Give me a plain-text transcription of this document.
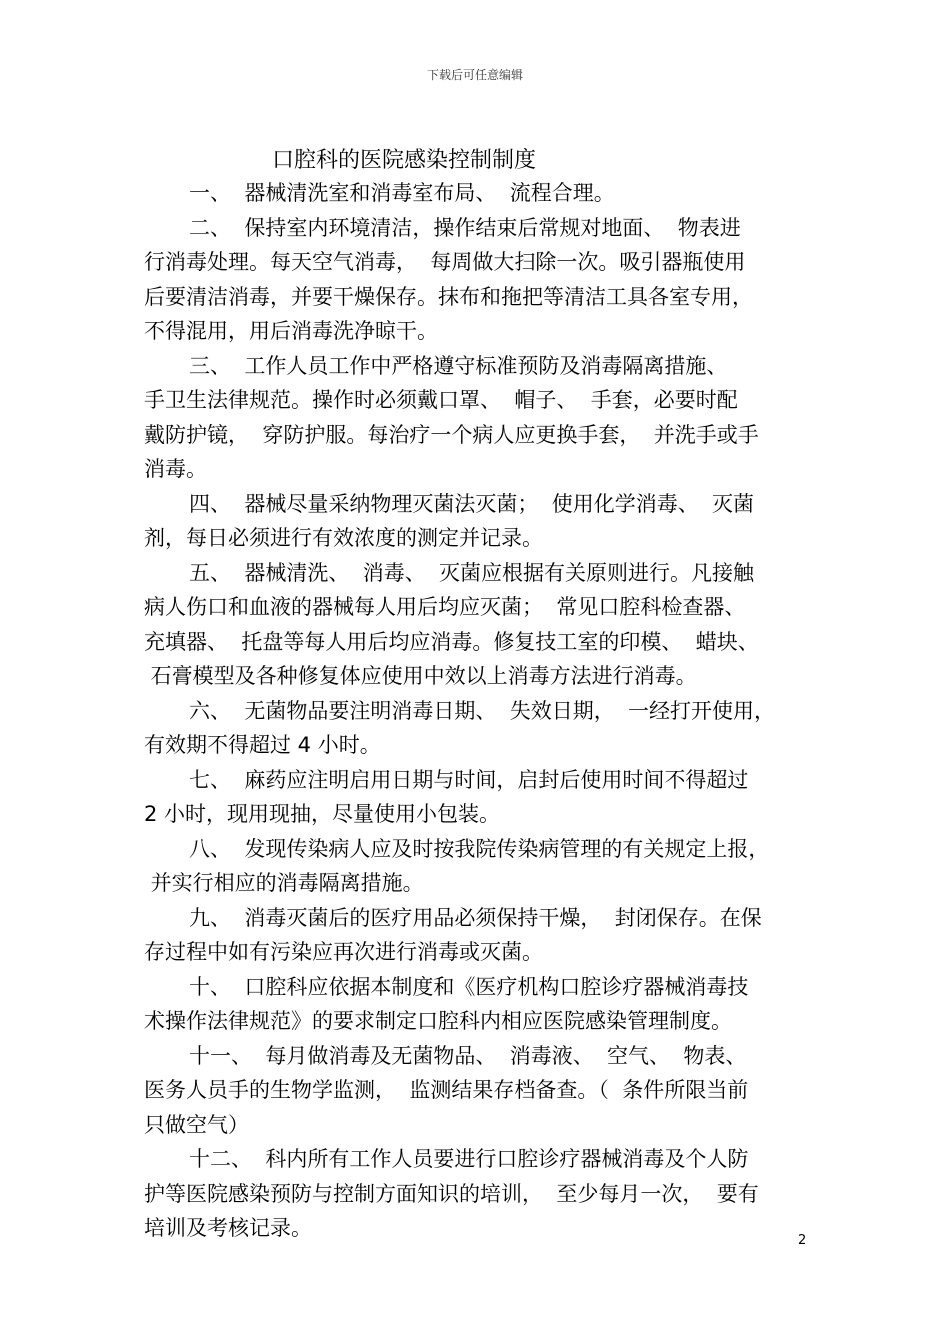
下载后可任意编辑
口腔科的医院感染控制制度
一、  器械清洗室和消毒室布局、  流程合理。
二、  保持室内环境清洁，操作结束后常规对地面、  物表进
行消毒处理。每天空气消毒，  每周做大扫除一次。吸引器瓶使用
后要清洁消毒，并要干燥保存。抹布和拖把等清洁工具各室专用，
不得混用，用后消毒洗净晾干。
三、  工作人员工作中严格遵守标准预防及消毒隔离措施、
手卫生法律规范。操作时必须戴口罩、  帽子、  手套，必要时配
戴防护镜，  穿防护服。每治疗一个病人应更换手套，  并洗手或手
消毒。
四、  器械尽量采纳物理灭菌法灭菌；  使用化学消毒、  灭菌
剂，每日必须进行有效浓度的测定并记录。
五、  器械清洗、  消毒、  灭菌应根据有关原则进行。凡接触
病人伤口和血液的器械每人用后均应灭菌；  常见口腔科检查器、
充填器、  托盘等每人用后均应消毒。修复技工室的印模、  蜡块、
石膏模型及各种修复体应使用中效以上消毒方法进行消毒。
六、  无菌物品要注明消毒日期、  失效日期，  一经打开使用，
有效期不得超过 4 小时。
七、  麻药应注明启用日期与时间，启封后使用时间不得超过
2 小时，现用现抽，尽量使用小包装。
八、  发现传染病人应及时按我院传染病管理的有关规定上报，
并实行相应的消毒隔离措施。
九、  消毒灭菌后的医疗用品必须保持干燥，  封闭保存。在保
存过程中如有污染应再次进行消毒或灭菌。
十、  口腔科应依据本制度和《医疗机构口腔诊疗器械消毒技
术操作法律规范》的要求制定口腔科内相应医院感染管理制度。
十一、  每月做消毒及无菌物品、  消毒液、  空气、  物表、
医务人员手的生物学监测，  监测结果存档备查。（  条件所限当前
只做空气）
十二、  科内所有工作人员要进行口腔诊疗器械消毒及个人防
护等医院感染预防与控制方面知识的培训，  至少每月一次，  要有
培训及考核记录。
2
